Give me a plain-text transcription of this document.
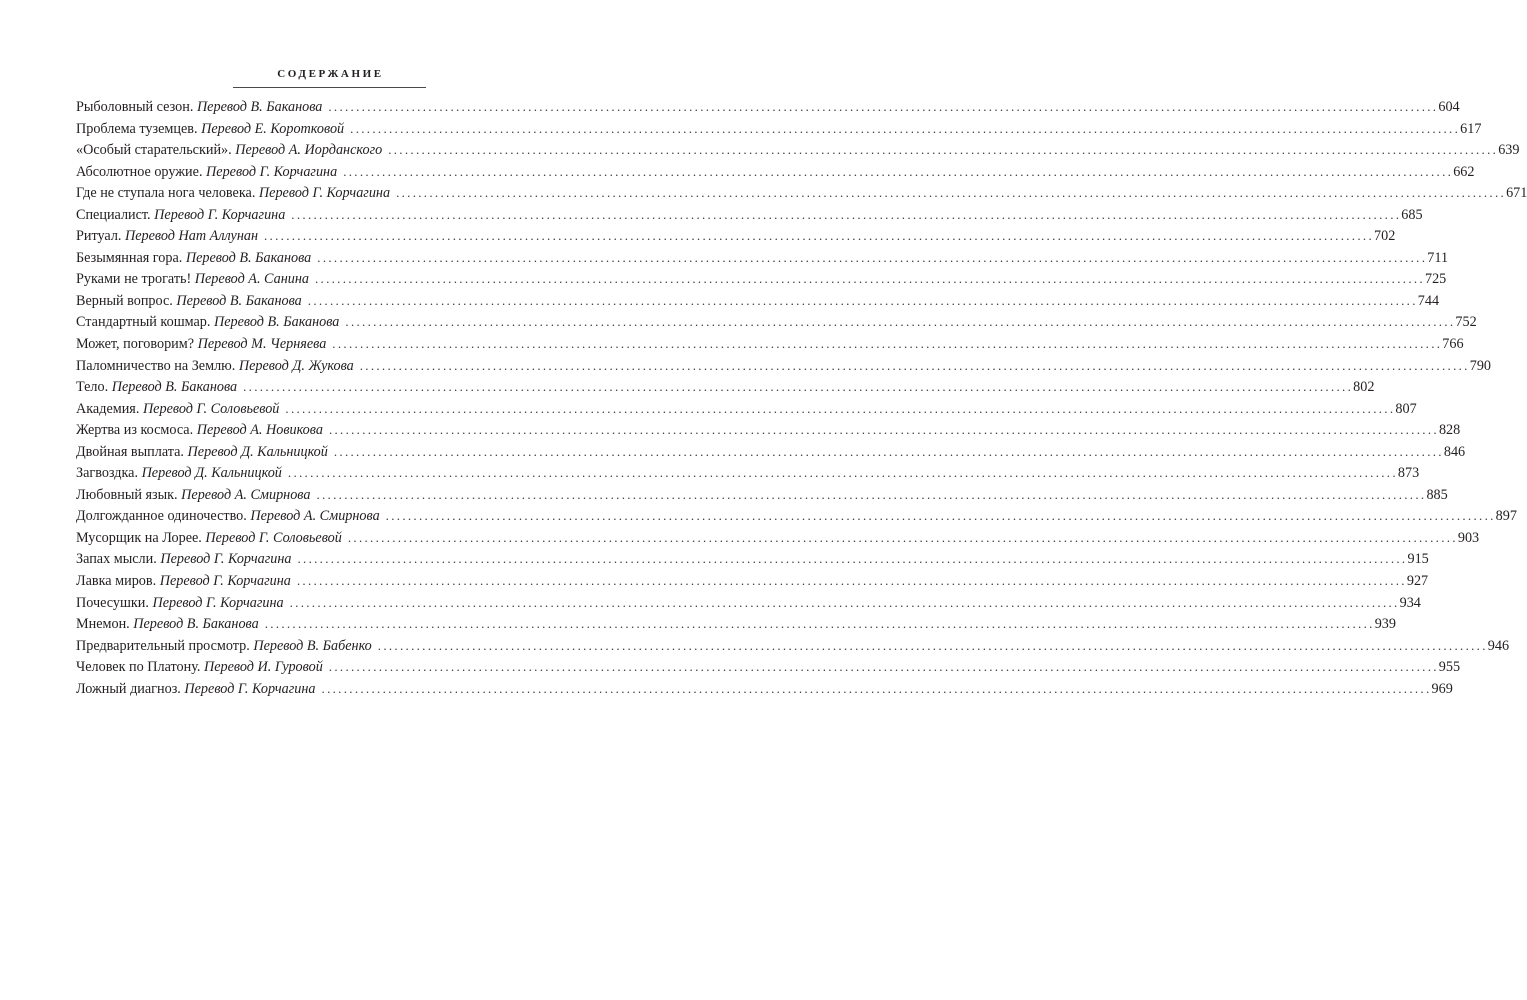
СОДЕРЖАНИЕ
Рыболовный сезон.
Перевод В. Баканова ........................................................................................................................................................................................................ 604
Проблема туземцев.
Перевод Е. Коротковой ........................................................................................................................................................................................................ 617
«Особый старательский».
Перевод А. Иорданского ........................................................................................................................................................................................................ 639
Абсолютное оружие.
Перевод Г. Корчагина ........................................................................................................................................................................................................ 662
Где не ступала нога человека.
Перевод Г. Корчагина ........................................................................................................................................................................................................ 671
Специалист.
Перевод Г. Корчагина ........................................................................................................................................................................................................ 685
Ритуал.
Перевод Нат Аллунан ........................................................................................................................................................................................................ 702
Безымянная гора.
Перевод В. Баканова ........................................................................................................................................................................................................ 711
Руками не трогать!
Перевод А. Санина ........................................................................................................................................................................................................ 725
Верный вопрос.
Перевод В. Баканова ........................................................................................................................................................................................................ 744
Стандартный кошмар.
Перевод В. Баканова ........................................................................................................................................................................................................ 752
Может, поговорим?
Перевод М. Черняева ........................................................................................................................................................................................................ 766
Паломничество на Землю.
Перевод Д. Жукова ........................................................................................................................................................................................................ 790
Тело.
Перевод В. Баканова ........................................................................................................................................................................................................ 802
Академия.
Перевод Г. Соловьевой ........................................................................................................................................................................................................ 807
Жертва из космоса.
Перевод А. Новикова ........................................................................................................................................................................................................ 828
Двойная выплата.
Перевод Д. Кальницкой ........................................................................................................................................................................................................ 846
Загвоздка.
Перевод Д. Кальницкой ........................................................................................................................................................................................................ 873
Любовный язык.
Перевод А. Смирнова ........................................................................................................................................................................................................ 885
Долгожданное одиночество.
Перевод А. Смирнова ........................................................................................................................................................................................................ 897
Мусорщик на Лорее.
Перевод Г. Соловьевой ........................................................................................................................................................................................................ 903
Запах мысли.
Перевод Г. Корчагина ........................................................................................................................................................................................................ 915
Лавка миров.
Перевод Г. Корчагина ........................................................................................................................................................................................................ 927
Почесушки.
Перевод Г. Корчагина ........................................................................................................................................................................................................ 934
Мнемон.
Перевод В. Баканова ........................................................................................................................................................................................................ 939
Предварительный просмотр.
Перевод В. Бабенко ........................................................................................................................................................................................................ 946
Человек по Платону.
Перевод И. Гуровой ........................................................................................................................................................................................................ 955
Ложный диагноз.
Перевод Г. Корчагина ........................................................................................................................................................................................................ 969
